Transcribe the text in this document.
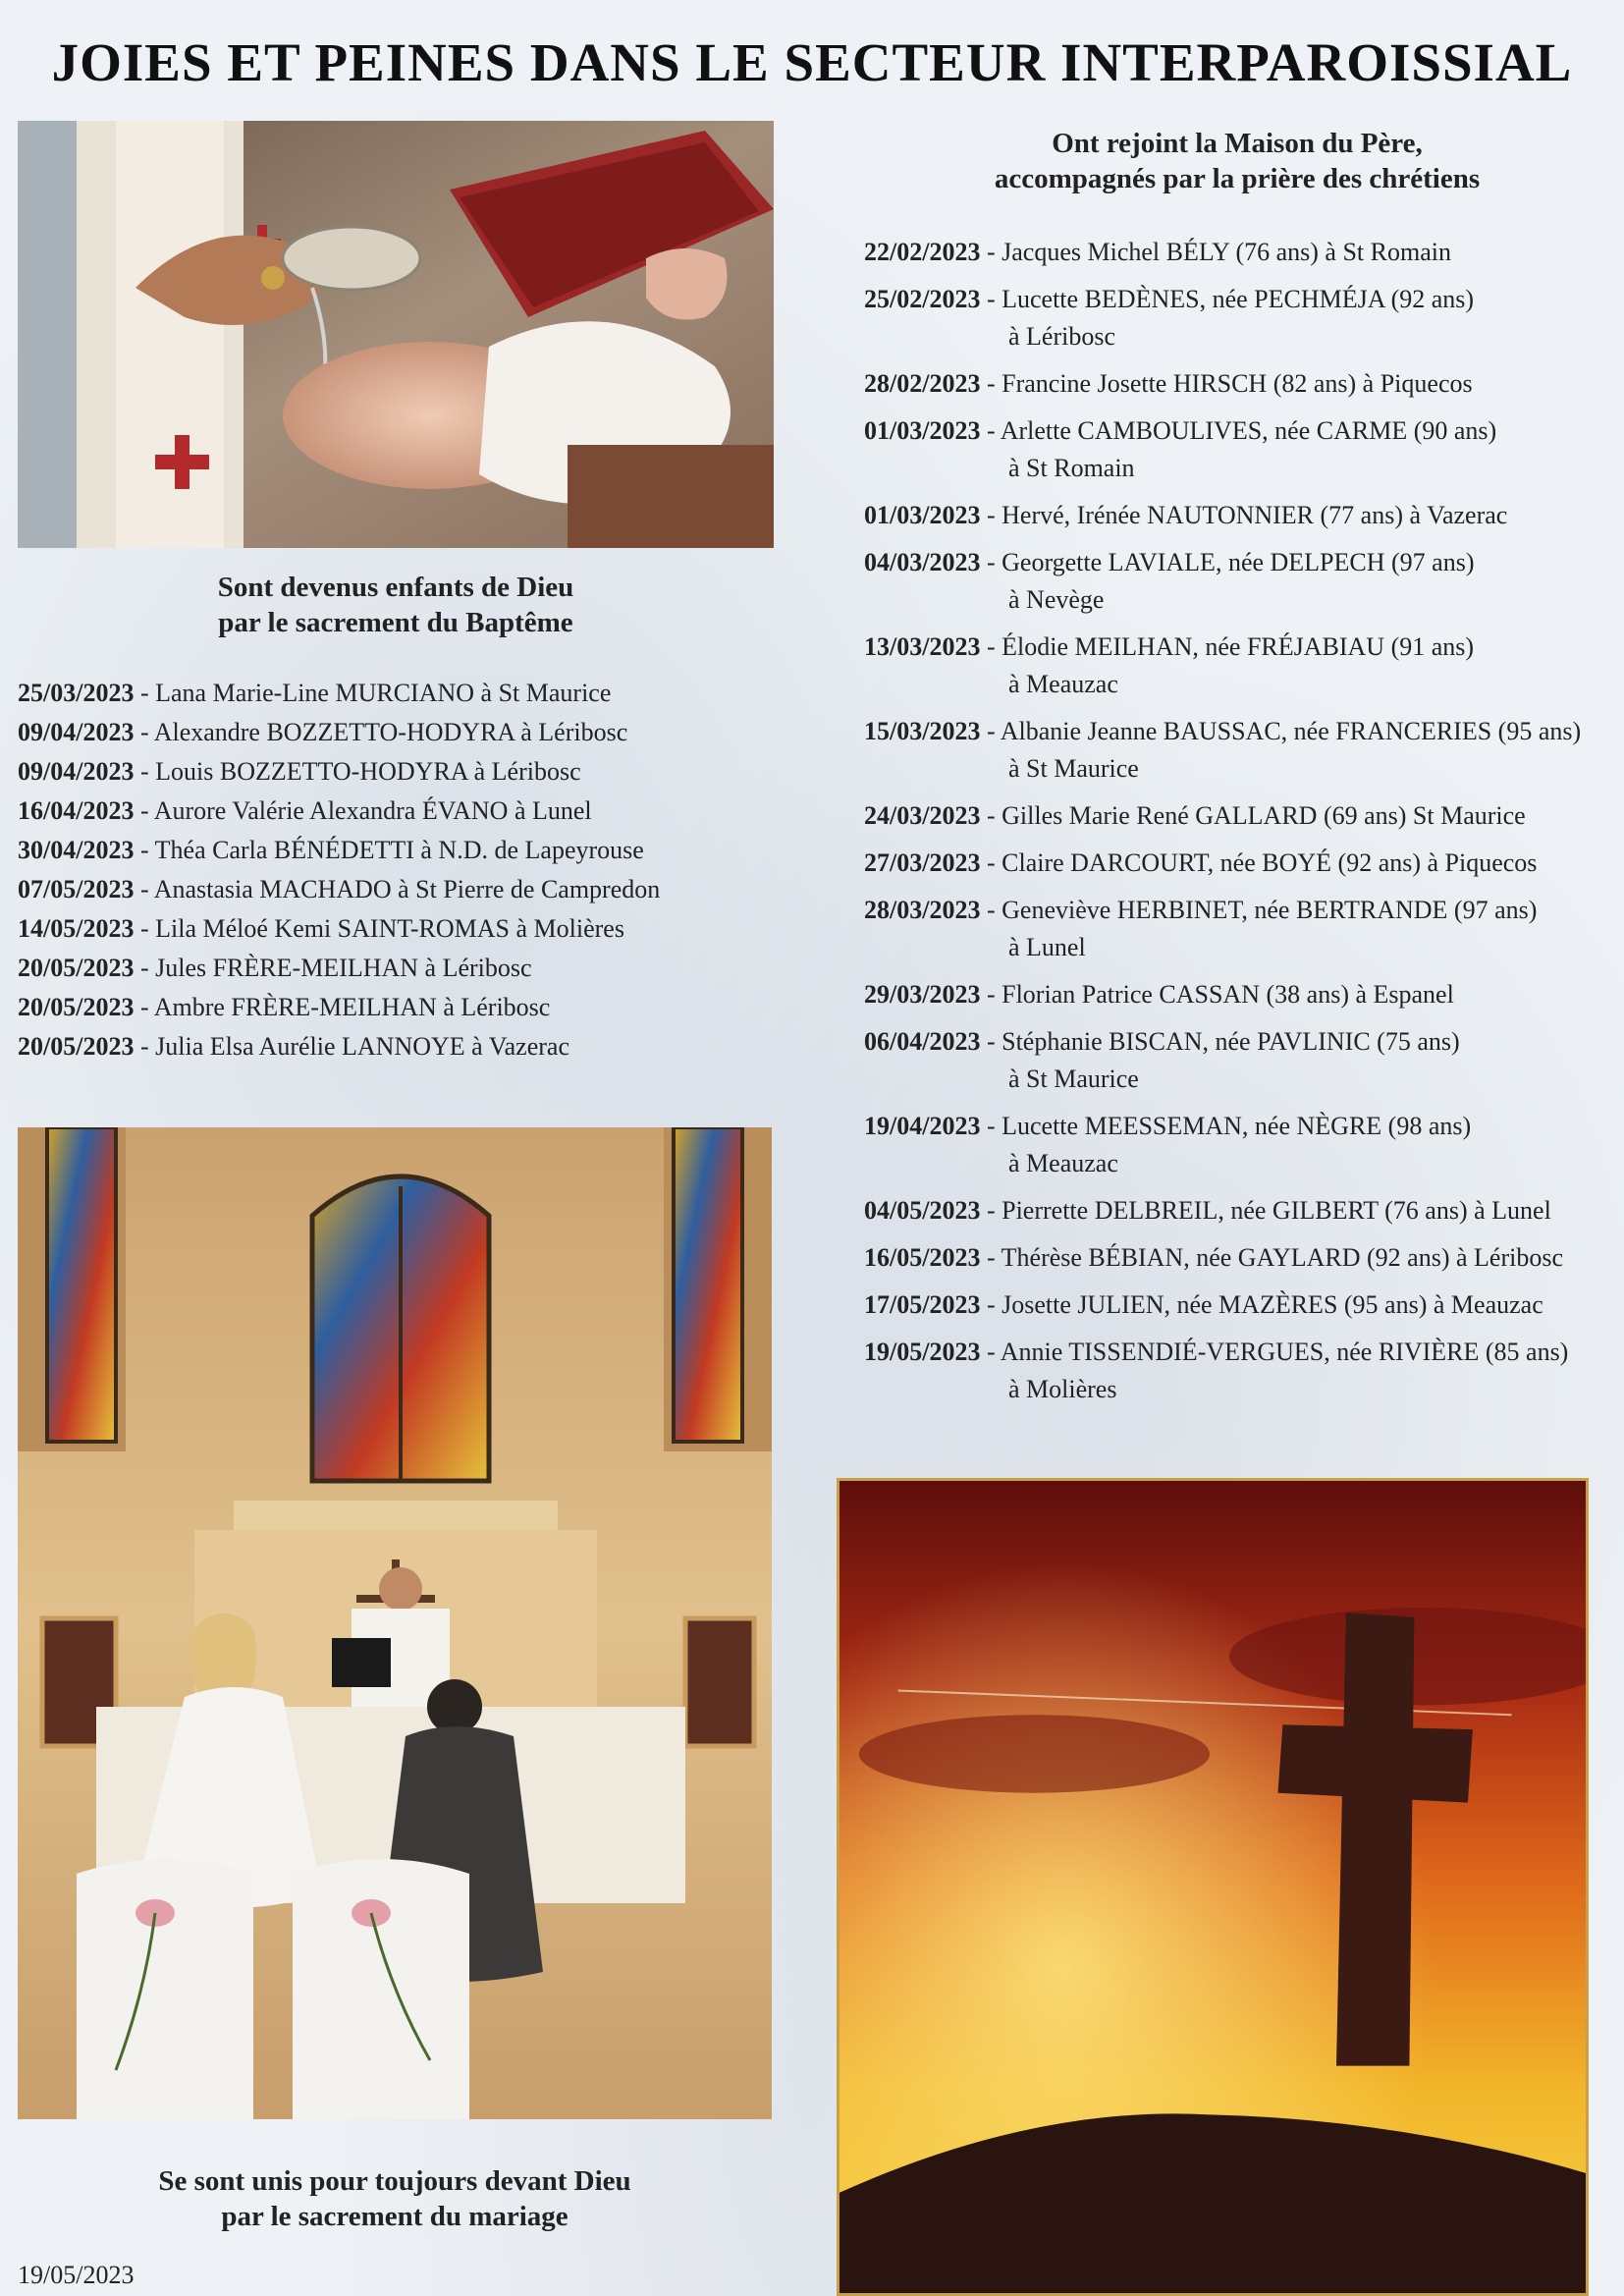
JOIES ET PEINES DANS LE SECTEUR INTERPAROISSIAL
Sont devenus enfants de Dieu
par le sacrement du Baptême
25/03/2023 - Lana Marie-Line MURCIANO à St Maurice
09/04/2023 - Alexandre BOZZETTO-HODYRA à Léribosc
09/04/2023 - Louis BOZZETTO-HODYRA à Léribosc
16/04/2023 - Aurore Valérie Alexandra ÉVANO à Lunel
30/04/2023 - Théa Carla BÉNÉDETTI à N.D. de Lapeyrouse
07/05/2023 - Anastasia MACHADO à St Pierre de Campredon
14/05/2023 - Lila Méloé Kemi SAINT-ROMAS à Molières
20/05/2023 - Jules FRÈRE-MEILHAN à Léribosc
20/05/2023 - Ambre FRÈRE-MEILHAN à Léribosc
20/05/2023 - Julia Elsa Aurélie LANNOYE à Vazerac
Se sont unis pour toujours devant Dieu
par le sacrement du mariage
19/05/2023
Ont rejoint la Maison du Père,
accompagnés par la prière des chrétiens
22/02/2023 - Jacques Michel BÉLY (76 ans) à St Romain
25/02/2023 - Lucette BEDÈNES, née PECHMÉJA (92 ans)
à Léribosc
28/02/2023 - Francine Josette HIRSCH (82 ans) à Piquecos
01/03/2023 - Arlette CAMBOULIVES, née CARME (90 ans)
à St Romain
01/03/2023 - Hervé, Irénée NAUTONNIER (77 ans) à Vazerac
04/03/2023 - Georgette LAVIALE, née DELPECH (97 ans)
à Nevège
13/03/2023 - Élodie MEILHAN, née FRÉJABIAU (91 ans)
à Meauzac
15/03/2023 - Albanie Jeanne BAUSSAC, née FRANCERIES (95 ans)
à St Maurice
24/03/2023 - Gilles Marie René GALLARD (69 ans) St Maurice
27/03/2023 - Claire DARCOURT, née BOYÉ (92 ans) à Piquecos
28/03/2023 - Geneviève HERBINET, née BERTRANDE (97 ans)
à Lunel
29/03/2023 - Florian Patrice CASSAN (38 ans) à Espanel
06/04/2023 - Stéphanie BISCAN, née PAVLINIC (75 ans)
à St Maurice
19/04/2023 - Lucette MEESSEMAN, née NÈGRE (98 ans)
à Meauzac
04/05/2023 - Pierrette DELBREIL, née GILBERT (76 ans) à Lunel
16/05/2023 - Thérèse BÉBIAN, née GAYLARD (92 ans) à Léribosc
17/05/2023 - Josette JULIEN, née MAZÈRES (95 ans) à Meauzac
19/05/2023 - Annie TISSENDIÉ-VERGUES, née RIVIÈRE (85 ans)
à Molières
